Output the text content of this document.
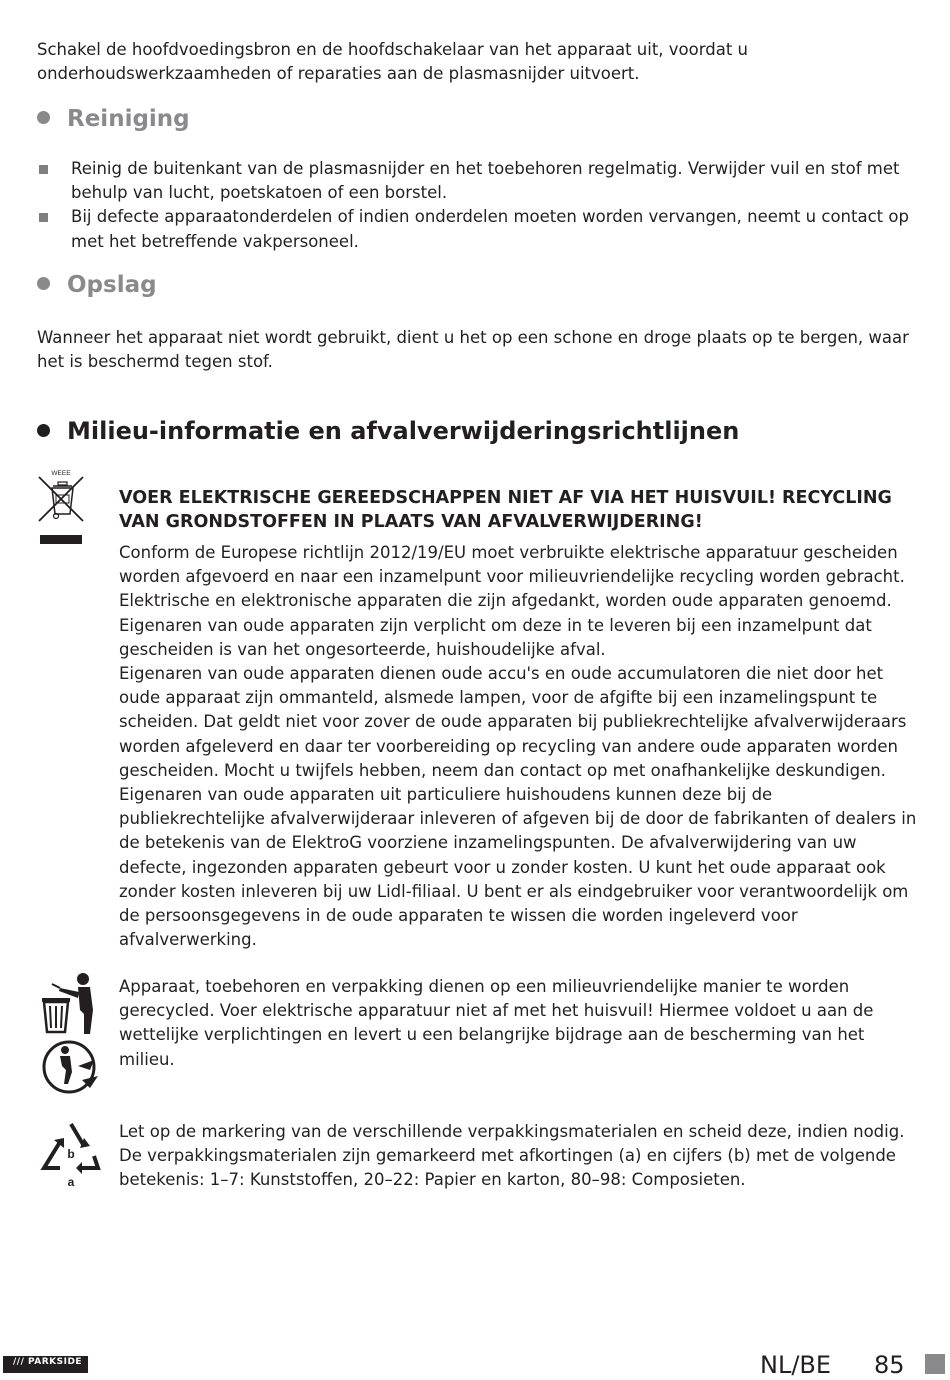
Schakel de hoofdvoedingsbron en de hoofdschakelaar van het apparaat uit, voordat u onderhoudswerkzaamheden of reparaties aan de plasmasnijder uitvoert.

Reiniging
Reinig de buitenkant van de plasmasnijder en het toebehoren regelmatig. Verwijder vuil en stof met behulp van lucht, poetskatoen of een borstel.
Bij defecte apparaatonderdelen of indien onderdelen moeten worden vervangen, neemt u contact op met het betreffende vakpersoneel.
Opslag

Wanneer het apparaat niet wordt gebruikt, dient u het op een schone en droge plaats op te bergen, waar het is beschermd tegen stof.

Milieu-informatie en afvalverwijderingsrichtlijnen
WEEE

VOER ELEKTRISCHE GEREEDSCHAPPEN NIET AF VIA HET HUISVUIL! RECYCLING VAN GRONDSTOFFEN IN PLAATS VAN AFVALVERWIJDERING!

Conform de Europese richtlijn 2012/19/EU moet verbruikte elektrische apparatuur gescheiden worden afgevoerd en naar een inzamelpunt voor milieuvriendelijke recycling worden gebracht. Elektrische en elektronische apparaten die zijn afgedankt, worden oude apparaten genoemd. Eigenaren van oude apparaten zijn verplicht om deze in te leveren bij een inzamelpunt dat gescheiden is van het ongesorteerde, huishoudelijke afval.

Eigenaren van oude apparaten dienen oude accu's en oude accumulatoren die niet door het oude apparaat zijn ommanteld, alsmede lampen, voor de afgifte bij een inzamelingspunt te scheiden. Dat geldt niet voor zover de oude apparaten bij publiekrechtelijke afvalverwijderaars worden afgeleverd en daar ter voorbereiding op recycling van andere oude apparaten worden gescheiden. Mocht u twijfels hebben, neem dan contact op met onafhankelijke deskundigen. Eigenaren van oude apparaten uit particuliere huishoudens kunnen deze bij de publiekrechtelijke afvalverwijderaar inleveren of afgeven bij de door de fabrikanten of dealers in de betekenis van de ElektroG voorziene inzamelingspunten. De afvalverwijdering van uw defecte, ingezonden apparaten gebeurt voor u zonder kosten. U kunt het oude apparaat ook zonder kosten inleveren bij uw Lidl-filiaal. U bent er als eindgebruiker voor verantwoordelijk om de persoonsgegevens in de oude apparaten te wissen die worden ingeleverd voor afvalverwerking.

Apparaat, toebehoren en verpakking dienen op een milieuvriendelijke manier te worden gerecycled. Voer elektrische apparatuur niet af met het huisvuil! Hiermee voldoet u aan de wettelijke verplichtingen en levert u een belangrijke bijdrage aan de bescherming van het milieu.

b
a

Let op de markering van de verschillende verpakkingsmaterialen en scheid deze, indien nodig. De verpakkingsmaterialen zijn gemarkeerd met afkortingen (a) en cijfers (b) met de volgende betekenis: 1–7: Kunststoffen, 20–22: Papier en karton, 80–98: Composieten.

/// PARKSIDE	NL/BE 85
